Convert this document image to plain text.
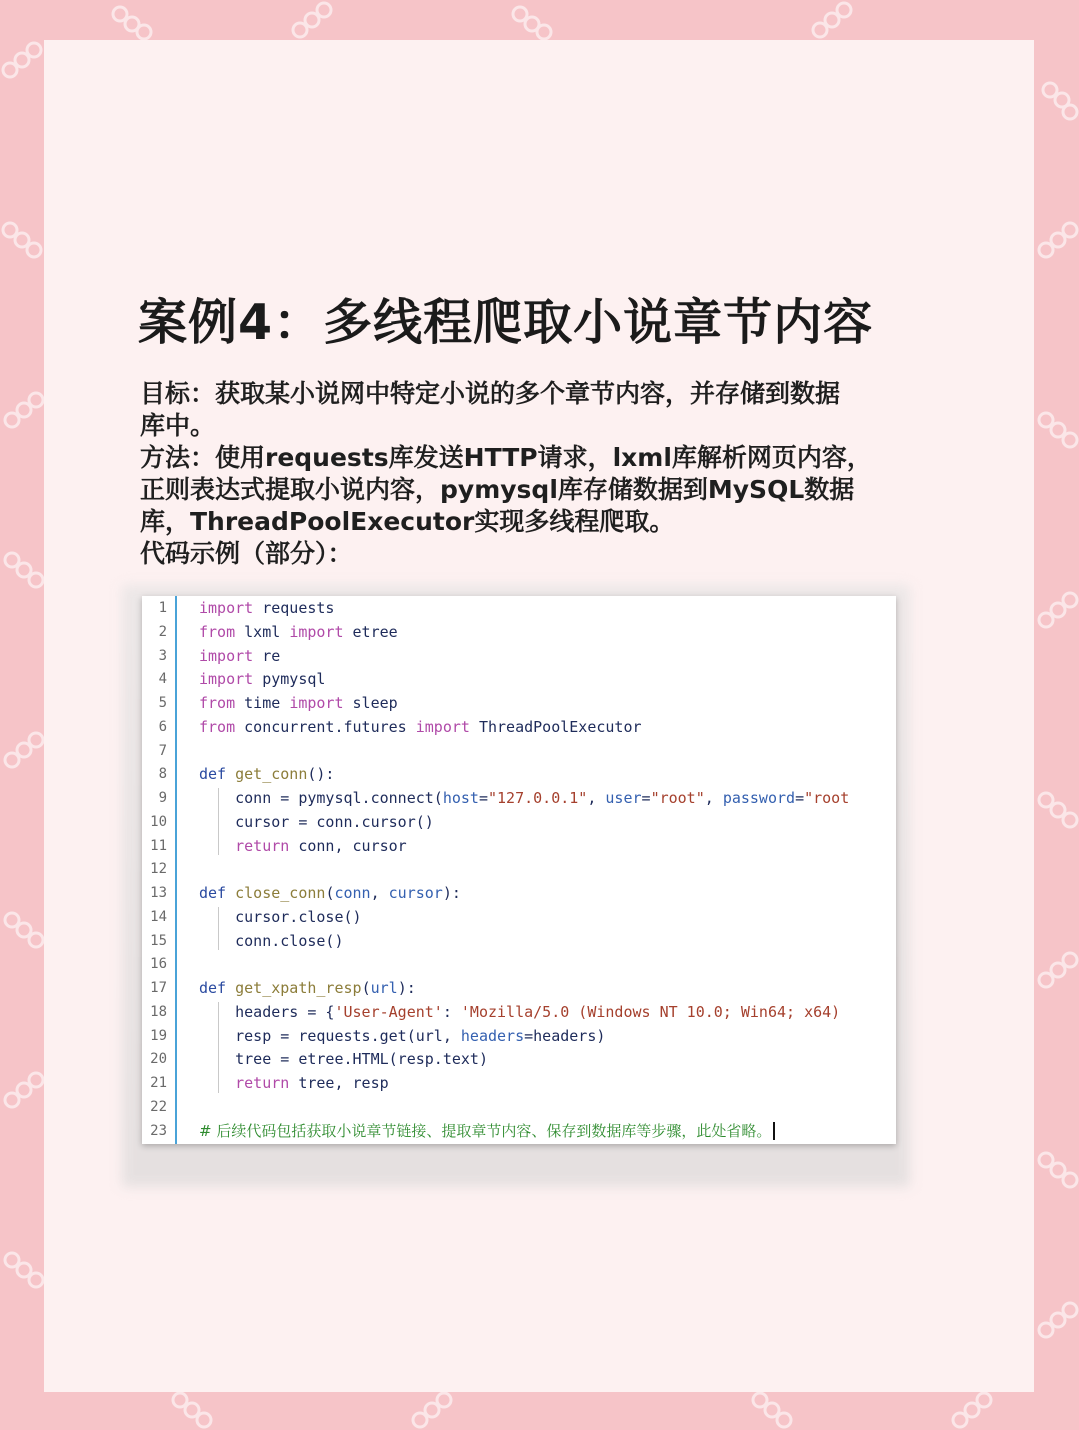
案例4：多线程爬取小说章节内容

目标：获取某小说网中特定小说的多个章节内容，并存储到数据

库中。

方法：使用requests库发送HTTP请求，lxml库解析网页内容，

正则表达式提取小说内容，pymysql库存储数据到MySQL数据

库，ThreadPoolExecutor实现多线程爬取。

代码示例（部分）：

1 import requests
2 from lxml import etree
3 import re
4 import pymysql
5 from time import sleep
6 from concurrent.futures import ThreadPoolExecutor
7
8 def get_conn():
9 conn = pymysql.connect(host="127.0.0.1", user="root", password="root
10 cursor = conn.cursor()
11	return conn, cursor
12
13 def close_conn(conn, cursor):
14 cursor.close()
15 conn.close()
16
17 def get_xpath_resp(url):
18 headers = {'User-Agent': 'Mozilla/5.0 (Windows NT 10.0; Win64; x64)
19 resp = requests.get(url, headers=headers)
20 tree = etree.HTML(resp.text)
21	return tree, resp
22
23 # 后续代码包括获取小说章节链接、提取章节内容、保存到数据库等步骤，此处省略。
